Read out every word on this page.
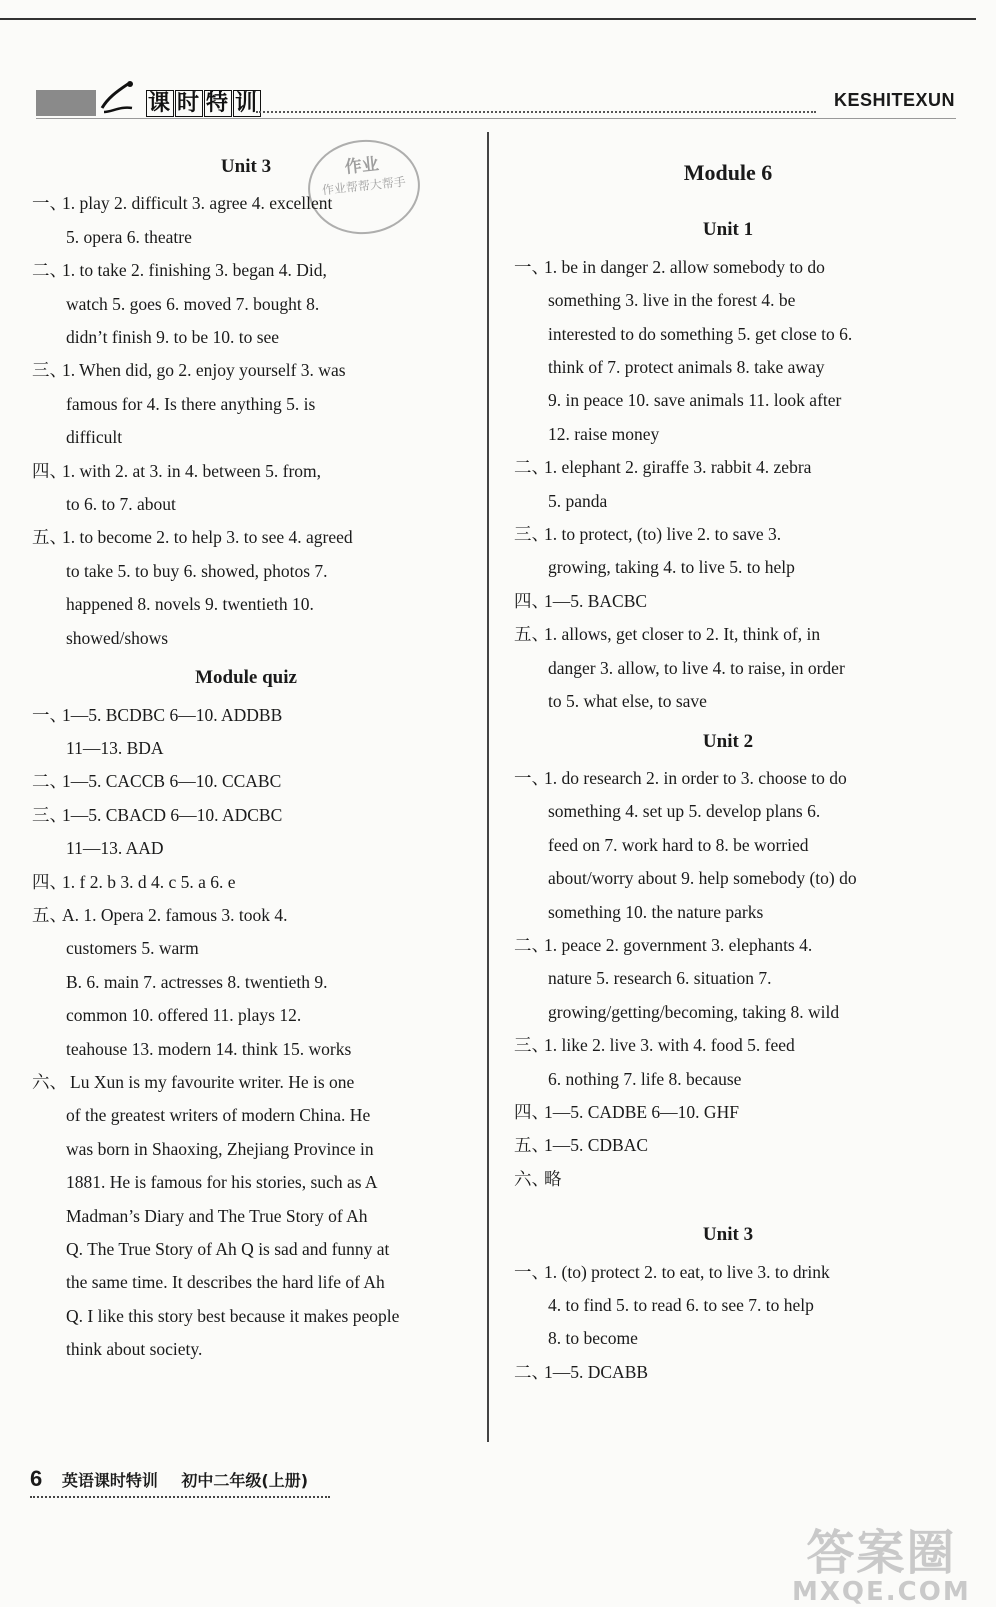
课 时 特 训	KESHITEXUN
作业
作业帮帮大帮手
Unit 3
一、1. play 2. difficult 3. agree 4. excellent
5. opera 6. theatre
二、1. to take 2. finishing 3. began 4. Did,
watch 5. goes 6. moved 7. bought 8.
didn’t finish 9. to be 10. to see
三、1. When did, go 2. enjoy yourself 3. was
famous for 4. Is there anything 5. is
difficult
四、1. with 2. at 3. in 4. between 5. from,
to 6. to 7. about
五、1. to become 2. to help 3. to see 4. agreed
to take 5. to buy 6. showed, photos 7.
happened 8. novels 9. twentieth 10.
showed/shows
Module quiz
一、1—5. BCDBC 6—10. ADDBB
11—13. BDA
二、1—5. CACCB 6—10. CCABC
三、1—5. CBACD 6—10. ADCBC
11—13. AAD
四、1. f 2. b 3. d 4. c 5. a 6. e
五、A. 1. Opera 2. famous 3. took 4.
customers 5. warm
B. 6. main 7. actresses 8. twentieth 9.
common 10. offered 11. plays 12.
teahouse 13. modern 14. think 15. works
六、 Lu Xun is my favourite writer. He is one
of the greatest writers of modern China. He
was born in Shaoxing, Zhejiang Province in
1881. He is famous for his stories, such as A
Madman’s Diary and The True Story of Ah
Q. The True Story of Ah Q is sad and funny at
the same time. It describes the hard life of Ah
Q. I like this story best because it makes people
think about society.
Module 6
Unit 1
一、1. be in danger 2. allow somebody to do
something 3. live in the forest 4. be
interested to do something 5. get close to 6.
think of 7. protect animals 8. take away
9. in peace 10. save animals 11. look after
12. raise money
二、1. elephant 2. giraffe 3. rabbit 4. zebra
5. panda
三、1. to protect, (to) live 2. to save 3.
growing, taking 4. to live 5. to help
四、1—5. BACBC
五、1. allows, get closer to 2. It, think of, in
danger 3. allow, to live 4. to raise, in order
to 5. what else, to save
Unit 2
一、1. do research 2. in order to 3. choose to do
something 4. set up 5. develop plans 6.
feed on 7. work hard to 8. be worried
about/worry about 9. help somebody (to) do
something 10. the nature parks
二、1. peace 2. government 3. elephants 4.
nature 5. research 6. situation 7.
growing/getting/becoming, taking 8. wild
三、1. like 2. live 3. with 4. food 5. feed
6. nothing 7. life 8. because
四、1—5. CADBE 6—10. GHF
五、1—5. CDBAC
六、略
Unit 3
一、1. (to) protect 2. to eat, to live 3. to drink
4. to find 5. to read 6. to see 7. to help
8. to become
二、1—5. DCABB
6 英语课时特训 初中二年级(上册)
答案圈
MXQE.COM
